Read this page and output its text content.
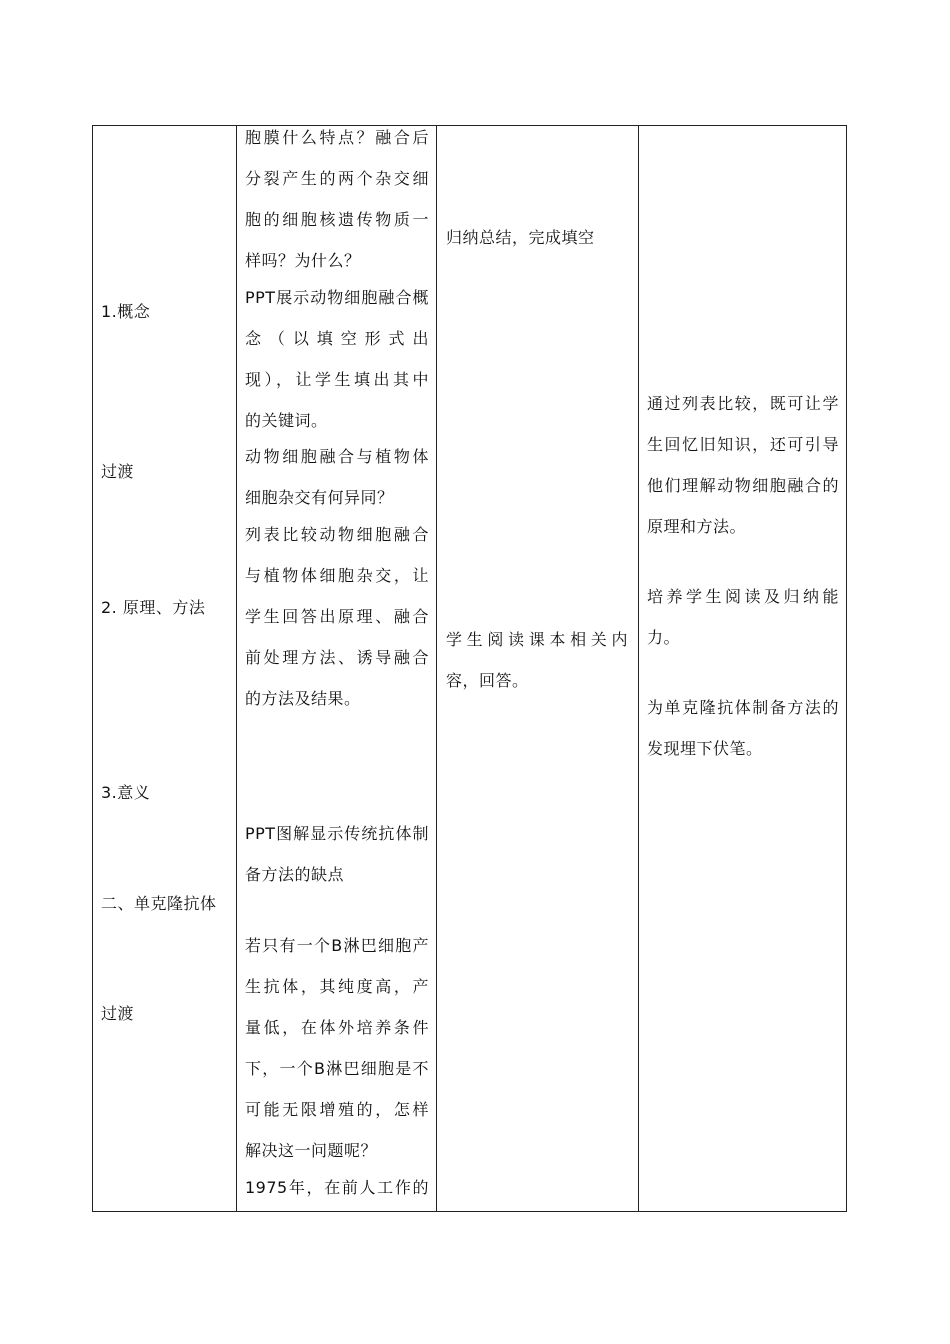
1.概念
过渡
2. 原理、方法
3.意义
二、单克隆抗体
过渡
胞膜什么特点？融合后
分裂产生的两个杂交细
胞的细胞核遗传物质一
样吗？为什么？
PPT展示动物细胞融合概
念（以填空形式出
现），让学生填出其中
的关键词。
动物细胞融合与植物体
细胞杂交有何异同？
列表比较动物细胞融合
与植物体细胞杂交，让
学生回答出原理、融合
前处理方法、诱导融合
的方法及结果。
PPT图解显示传统抗体制
备方法的缺点
若只有一个B淋巴细胞产
生抗体，其纯度高，产
量低，在体外培养条件
下，一个B淋巴细胞是不
可能无限增殖的，怎样
解决这一问题呢？
1975年，在前人工作的
归纳总结，完成填空
学生阅读课本相关内
容，回答。
通过列表比较，既可让学
生回忆旧知识，还可引导
他们理解动物细胞融合的
原理和方法。
培养学生阅读及归纳能
力。
为单克隆抗体制备方法的
发现埋下伏笔。
